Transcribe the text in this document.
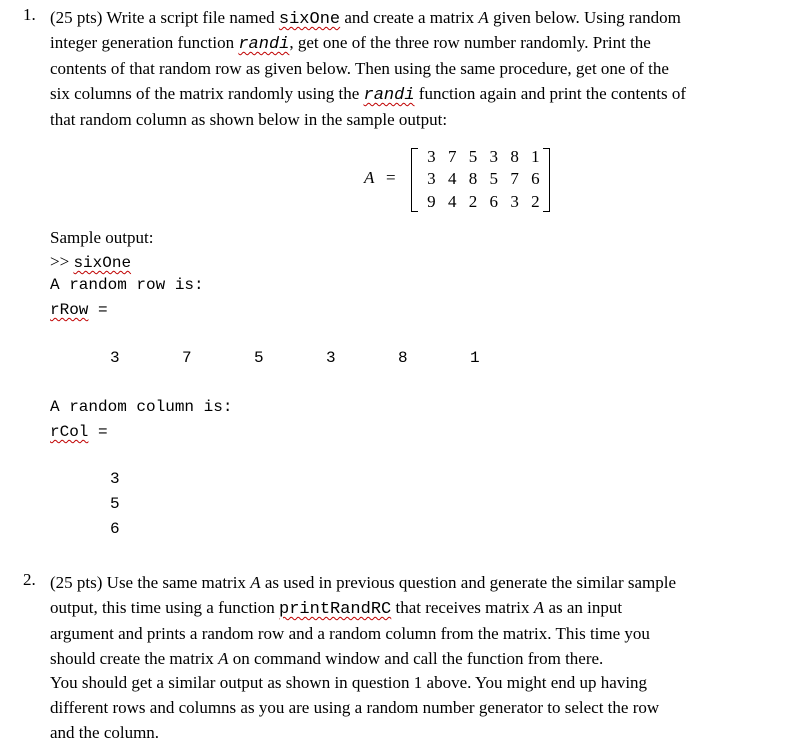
1. (25 pts) Write a script file named sixOne and create a matrix A given below. Using random
integer generation function randi, get one of the three row number randomly. Print the
contents of that random row as given below. Then using the same procedure, get one of the
six columns of the matrix randomly using the randi function again and print the contents of
that random column as shown below in the sample output:
A =
3 7 5 3 8 1
3 4 8 5 7 6
9 4 2 6 3 2
Sample output:
>> sixOne
A random row is:
rRow =
3	7	5	3	8	1
A random column is:
rCol =
3
5
6
2. (25 pts) Use the same matrix A as used in previous question and generate the similar sample
output, this time using a function printRandRC that receives matrix A as an input
argument and prints a random row and a random column from the matrix. This time you
should create the matrix A on command window and call the function from there.
You should get a similar output as shown in question 1 above. You might end up having
different rows and columns as you are using a random number generator to select the row
and the column.
